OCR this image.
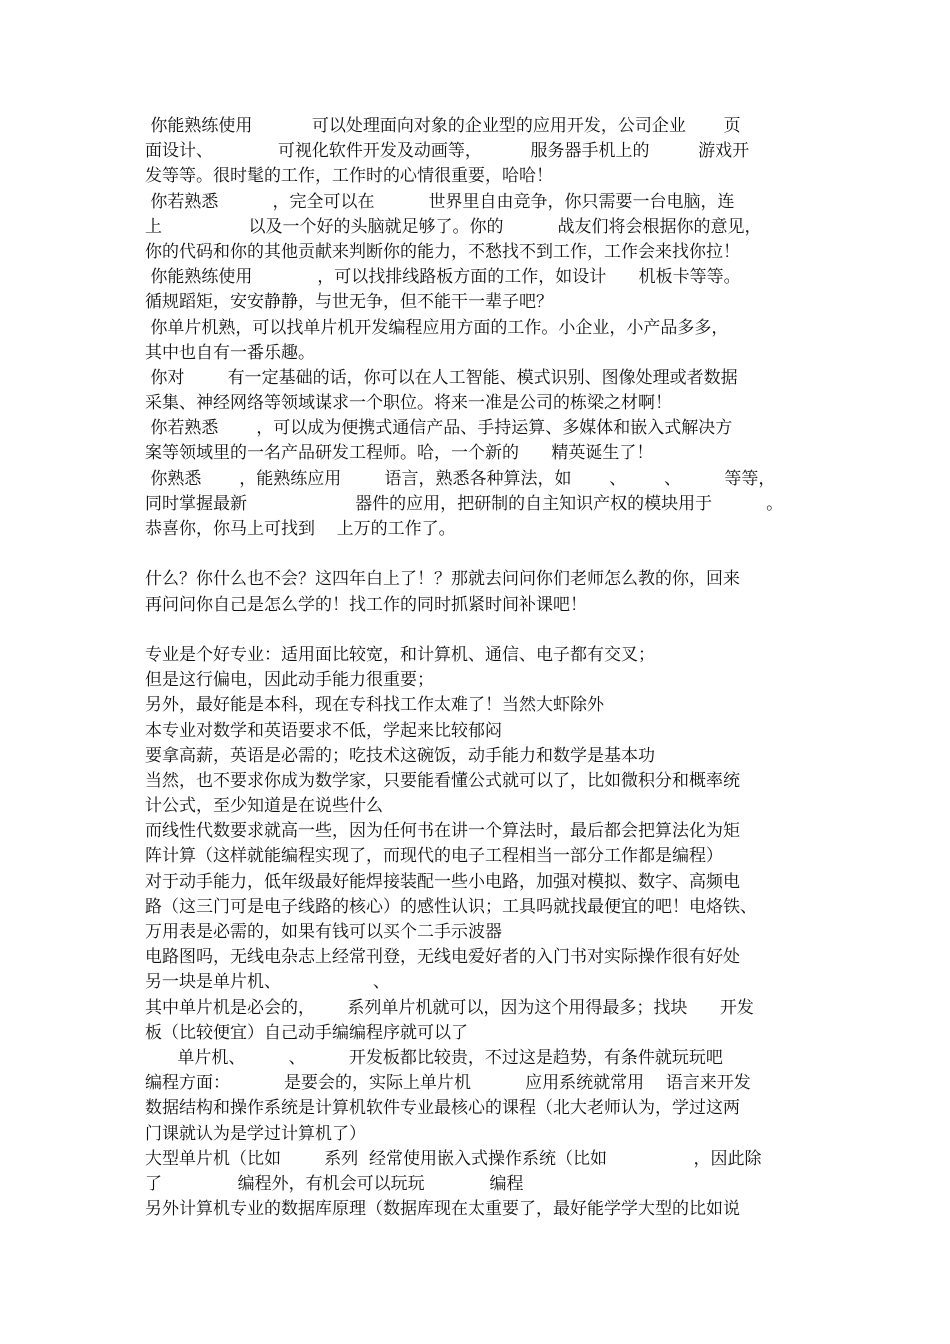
你能熟练使用           可以处理面向对象的企业型的应用开发，公司企业       页
面设计、            可视化软件开发及动画等，         服务器手机上的         游戏开
发等等。很时髦的工作，工作时的心情很重要，哈哈！
你若熟悉          ，完全可以在          世界里自由竞争，你只需要一台电脑，连
上                以及一个好的头脑就足够了。你的          战友们将会根据你的意见，
你的代码和你的其他贡献来判断你的能力，不愁找不到工作，工作会来找你拉！
你能熟练使用            ，可以找排线路板方面的工作，如设计      机板卡等等。
循规蹈矩，安安静静，与世无争，但不能干一辈子吧？
你单片机熟，可以找单片机开发编程应用方面的工作。小企业，小产品多多，
其中也自有一番乐趣。
你对        有一定基础的话，你可以在人工智能、模式识别、图像处理或者数据
采集、神经网络等领域谋求一个职位。将来一准是公司的栋梁之材啊！
你若熟悉       ，可以成为便携式通信产品、手持运算、多媒体和嵌入式解决方
案等领域里的一名产品研发工程师。哈，一个新的      精英诞生了！
你熟悉       ，能熟练应用        语言，熟悉各种算法，如       、       、        等等，
同时掌握最新                    器件的应用，把研制的自主知识产权的模块用于          。
恭喜你，你马上可找到    上万的工作了。
什么？你什么也不会？这四年白上了！？那就去问问你们老师怎么教的你，回来
再问问你自己是怎么学的！找工作的同时抓紧时间补课吧！
专业是个好专业：适用面比较宽，和计算机、通信、电子都有交叉；
但是这行偏电，因此动手能力很重要；
另外，最好能是本科，现在专科找工作太难了！当然大虾除外
本专业对数学和英语要求不低，学起来比较郁闷
要拿高薪，英语是必需的；吃技术这碗饭，动手能力和数学是基本功
当然，也不要求你成为数学家，只要能看懂公式就可以了，比如微积分和概率统
计公式，至少知道是在说些什么
而线性代数要求就高一些，因为任何书在讲一个算法时，最后都会把算法化为矩
阵计算（这样就能编程实现了，而现代的电子工程相当一部分工作都是编程）
对于动手能力，低年级最好能焊接装配一些小电路，加强对模拟、数字、高频电
路（这三门可是电子线路的核心）的感性认识；工具吗就找最便宜的吧！电烙铁、
万用表是必需的，如果有钱可以买个二手示波器
电路图吗，无线电杂志上经常刊登，无线电爱好者的入门书对实际操作很有好处
另一块是单片机、                 、
其中单片机是必会的，      系列单片机就可以，因为这个用得最多；找块      开发
板（比较便宜）自己动手编编程序就可以了
单片机、        、        开发板都比较贵，不过这是趋势，有条件就玩玩吧
编程方面：          是要会的，实际上单片机          应用系统就常用    语言来开发
数据结构和操作系统是计算机软件专业最核心的课程（北大老师认为，学过这两
门课就认为是学过计算机了）
大型单片机（比如        系列  经常使用嵌入式操作系统（比如                ，因此除
了              编程外，有机会可以玩玩            编程
另外计算机专业的数据库原理（数据库现在太重要了，最好能学学大型的比如说
